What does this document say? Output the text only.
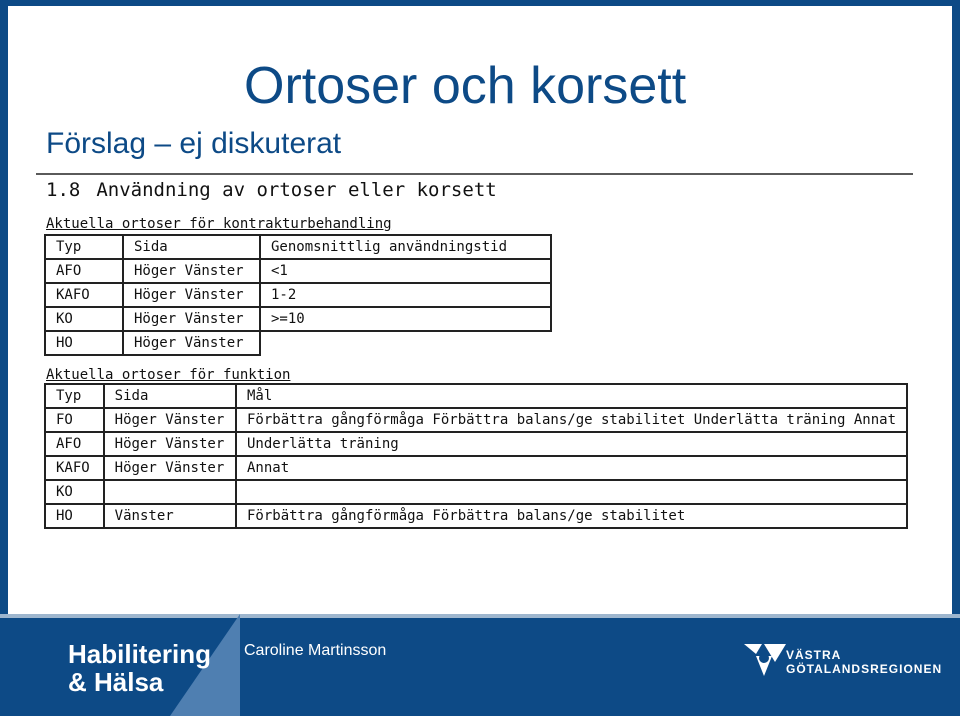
Ortoser och korsett
Förslag – ej diskuterat
1.8 Användning av ortoser eller korsett
Aktuella ortoser för kontrakturbehandling
Typ	Sida	Genomsnittlig användningstid
AFO	Höger Vänster	<1
KAFO	Höger Vänster	1-2
KO	Höger Vänster	>=10
HO	Höger Vänster	
Aktuella ortoser för funktion
Typ	Sida	Mål
FO	Höger Vänster	Förbättra gångförmåga Förbättra balans/ge stabilitet Underlätta träning Annat
AFO	Höger Vänster	Underlätta träning
KAFO	Höger Vänster	Annat
KO		
HO	Vänster	Förbättra gångförmåga Förbättra balans/ge stabilitet
Habilitering
& Hälsa
Caroline Martinsson	VÄSTRA
GÖTALANDSREGIONEN
